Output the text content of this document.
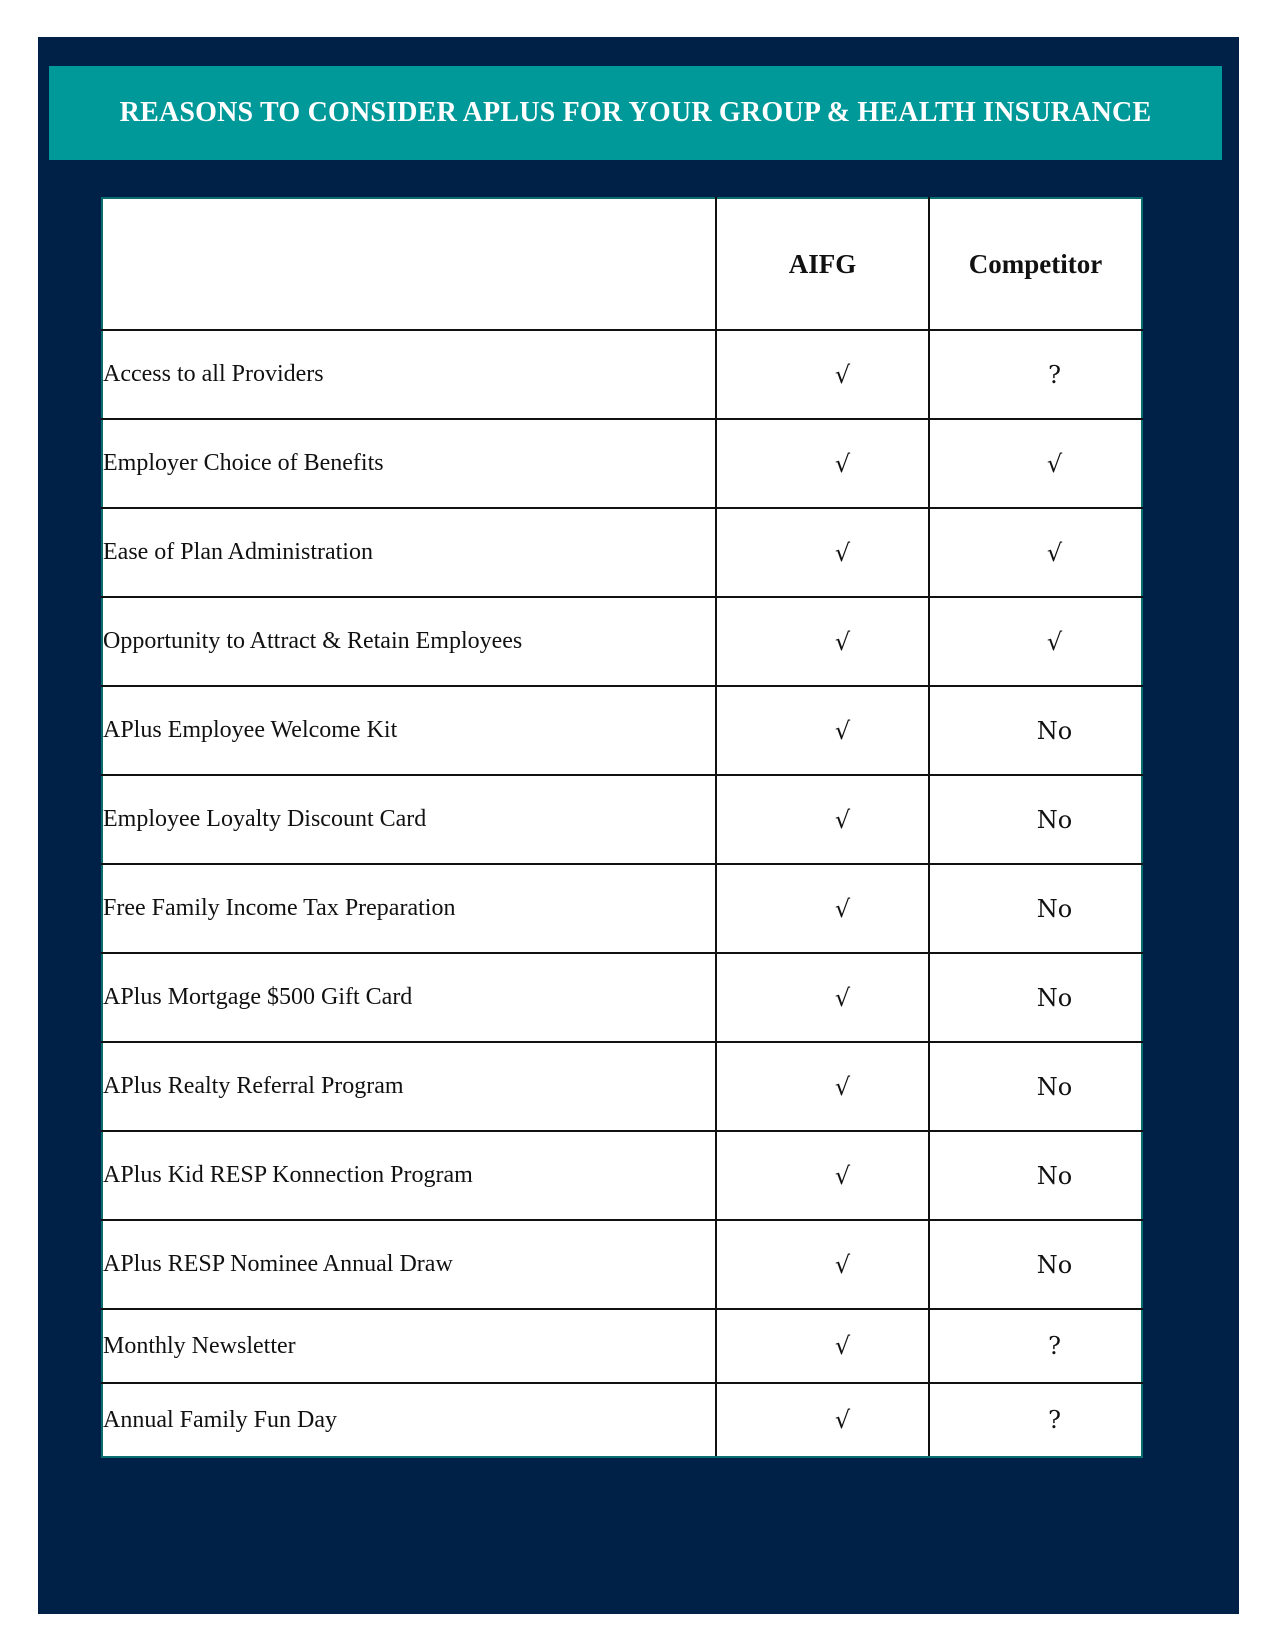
REASONS TO CONSIDER APLUS FOR YOUR GROUP & HEALTH INSURANCE
	AIFG	Competitor
Access to all Providers	√	?
Employer Choice of Benefits	√	√
Ease of Plan Administration	√	√
Opportunity to Attract & Retain Employees	√	√
APlus Employee Welcome Kit	√	No
Employee Loyalty Discount Card	√	No
Free Family Income Tax Preparation	√	No
APlus Mortgage $500 Gift Card	√	No
APlus Realty Referral Program	√	No
APlus Kid RESP Konnection Program	√	No
APlus RESP Nominee Annual Draw	√	No
Monthly Newsletter	√	?
Annual Family Fun Day	√	?
